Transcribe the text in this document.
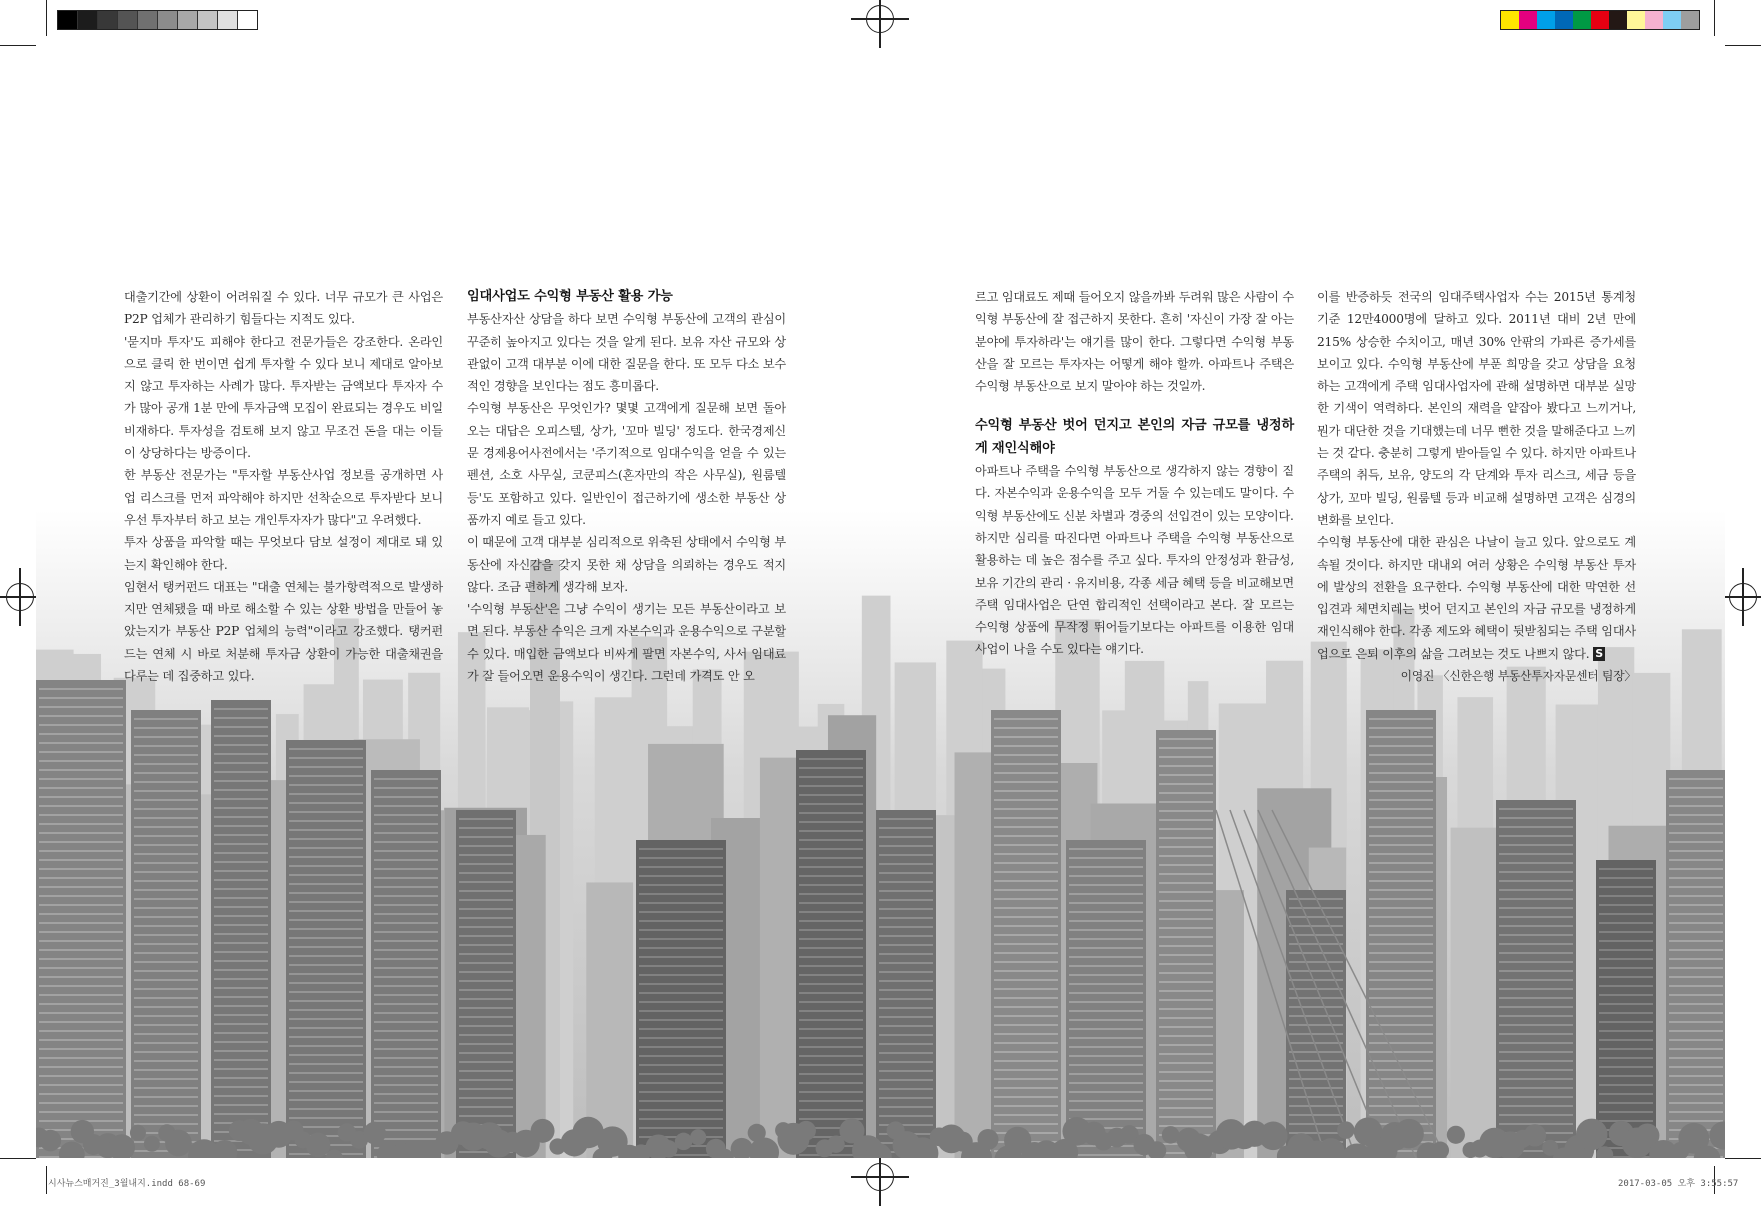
대출기간에 상환이 어려워질 수 있다. 너무 규모가 큰 사업은 P2P 업체가 관리하기 힘들다는 지적도 있다.

'묻지마 투자'도 피해야 한다고 전문가들은 강조한다. 온라인으로 클릭 한 번이면 쉽게 투자할 수 있다 보니 제대로 알아보지 않고 투자하는 사례가 많다. 투자받는 금액보다 투자자 수가 많아 공개 1분 만에 투자금액 모집이 완료되는 경우도 비일비재하다. 투자성을 검토해 보지 않고 무조건 돈을 대는 이들이 상당하다는 방증이다.

한 부동산 전문가는 "투자할 부동산사업 정보를 공개하면 사업 리스크를 먼저 파악해야 하지만 선착순으로 투자받다 보니 우선 투자부터 하고 보는 개인투자자가 많다"고 우려했다.

투자 상품을 파악할 때는 무엇보다 담보 설정이 제대로 돼 있는지 확인해야 한다.

임현서 탱커펀드 대표는 "대출 연체는 불가항력적으로 발생하지만 연체됐을 때 바로 해소할 수 있는 상환 방법을 만들어 놓았는지가 부동산 P2P 업체의 능력"이라고 강조했다. 탱커펀드는 연체 시 바로 처분해 투자금 상환이 가능한 대출채권을 다루는 데 집중하고 있다.

임대사업도 수익형 부동산 활용 가능

부동산자산 상담을 하다 보면 수익형 부동산에 고객의 관심이 꾸준히 높아지고 있다는 것을 알게 된다. 보유 자산 규모와 상관없이 고객 대부분 이에 대한 질문을 한다. 또 모두 다소 보수적인 경향을 보인다는 점도 흥미롭다.

수익형 부동산은 무엇인가? 몇몇 고객에게 질문해 보면 돌아오는 대답은 오피스텔, 상가, '꼬마 빌딩' 정도다. 한국경제신문 경제용어사전에서는 '주기적으로 임대수익을 얻을 수 있는 펜션, 소호 사무실, 코쿤피스(혼자만의 작은 사무실), 원룸텔 등'도 포함하고 있다. 일반인이 접근하기에 생소한 부동산 상품까지 예로 들고 있다.

이 때문에 고객 대부분 심리적으로 위축된 상태에서 수익형 부동산에 자신감을 갖지 못한 채 상담을 의뢰하는 경우도 적지 않다. 조금 편하게 생각해 보자.

'수익형 부동산'은 그냥 수익이 생기는 모든 부동산이라고 보면 된다. 부동산 수익은 크게 자본수익과 운용수익으로 구분할 수 있다. 매입한 금액보다 비싸게 팔면 자본수익, 사서 임대료가 잘 들어오면 운용수익이 생긴다. 그런데 가격도 안 오

르고 임대료도 제때 들어오지 않을까봐 두려워 많은 사람이 수익형 부동산에 잘 접근하지 못한다. 흔히 '자신이 가장 잘 아는 분야에 투자하라'는 얘기를 많이 한다. 그렇다면 수익형 부동산을 잘 모르는 투자자는 어떻게 해야 할까. 아파트나 주택은 수익형 부동산으로 보지 말아야 하는 것일까.

수익형 부동산 벗어 던지고 본인의 자금 규모를 냉정하게 재인식해야

아파트나 주택을 수익형 부동산으로 생각하지 않는 경향이 짙다. 자본수익과 운용수익을 모두 거둘 수 있는데도 말이다. 수익형 부동산에도 신분 차별과 경중의 선입견이 있는 모양이다.

하지만 심리를 따진다면 아파트나 주택을 수익형 부동산으로 활용하는 데 높은 점수를 주고 싶다. 투자의 안정성과 환금성, 보유 기간의 관리 · 유지비용, 각종 세금 혜택 등을 비교해보면 주택 임대사업은 단연 합리적인 선택이라고 본다. 잘 모르는 수익형 상품에 무작정 뛰어들기보다는 아파트를 이용한 임대사업이 나을 수도 있다는 얘기다.

이를 반증하듯 전국의 임대주택사업자 수는 2015년 통계청 기준 12만4000명에 달하고 있다. 2011년 대비 2년 만에 215% 상승한 수치이고, 매년 30% 안팎의 가파른 증가세를 보이고 있다. 수익형 부동산에 부푼 희망을 갖고 상담을 요청하는 고객에게 주택 임대사업자에 관해 설명하면 대부분 실망한 기색이 역력하다. 본인의 재력을 얕잡아 봤다고 느끼거나, 뭔가 대단한 것을 기대했는데 너무 뻔한 것을 말해준다고 느끼는 것 같다. 충분히 그렇게 받아들일 수 있다. 하지만 아파트나 주택의 취득, 보유, 양도의 각 단계와 투자 리스크, 세금 등을 상가, 꼬마 빌딩, 원룸텔 등과 비교해 설명하면 고객은 심경의 변화를 보인다.

수익형 부동산에 대한 관심은 나날이 늘고 있다. 앞으로도 계속될 것이다. 하지만 대내외 여러 상황은 수익형 부동산 투자에 발상의 전환을 요구한다. 수익형 부동산에 대한 막연한 선입견과 체면치레는 벗어 던지고 본인의 자금 규모를 냉정하게 재인식해야 한다. 각종 제도와 혜택이 뒷받침되는 주택 임대사업으로 은퇴 이후의 삶을 그려보는 것도 나쁘지 않다. S

이영진 〈신한은행 부동산투자자문센터 팀장〉

시사뉴스매거진_3월내지.indd 68-69	2017-03-05 오후 3:55:57
